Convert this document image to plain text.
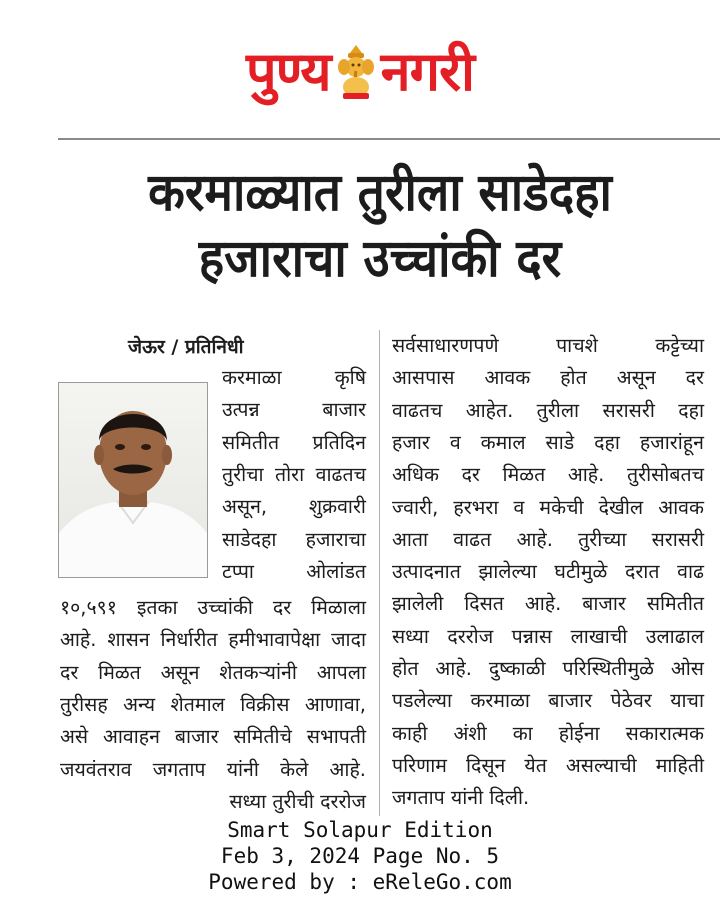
पुण्य नगरी
करमाळ्यात तुरीला साडेदहा
हजाराचा उच्चांकी दर
जेऊर / प्रतिनिधी
करमाळा कृषि
उत्पन्न बाजार
समितीत प्रतिदिन
तुरीचा तोरा वाढतच
असून, शुक्रवारी
साडेदहा हजाराचा
टप्पा ओलांडत
१०,५९१ इतका उच्चांकी दर मिळाला
आहे. शासन निर्धारीत हमीभावापेक्षा जादा
दर मिळत असून शेतकऱ्यांनी आपला
तुरीसह अन्य शेतमाल विक्रीस आणावा,
असे आवाहन बाजार समितीचे सभापती
जयवंतराव जगताप यांनी केले आहे.
सध्या तुरीची दररोज
सर्वसाधारणपणे पाचशे कट्टेच्या
आसपास आवक होत असून दर
वाढतच आहेत. तुरीला सरासरी दहा
हजार व कमाल साडे दहा हजारांहून
अधिक दर मिळत आहे. तुरीसोबतच
ज्वारी, हरभरा व मकेची देखील आवक
आता वाढत आहे. तुरीच्या सरासरी
उत्पादनात झालेल्या घटीमुळे दरात वाढ
झालेली दिसत आहे. बाजार समितीत
सध्या दररोज पन्नास लाखाची उलाढाल
होत आहे. दुष्काळी परिस्थितीमुळे ओस
पडलेल्या करमाळा बाजार पेठेवर याचा
काही अंशी का होईना सकारात्मक
परिणाम दिसून येत असल्याची माहिती
जगताप यांनी दिली.
Smart Solapur Edition
Feb 3, 2024 Page No. 5
Powered by : eReleGo.com
